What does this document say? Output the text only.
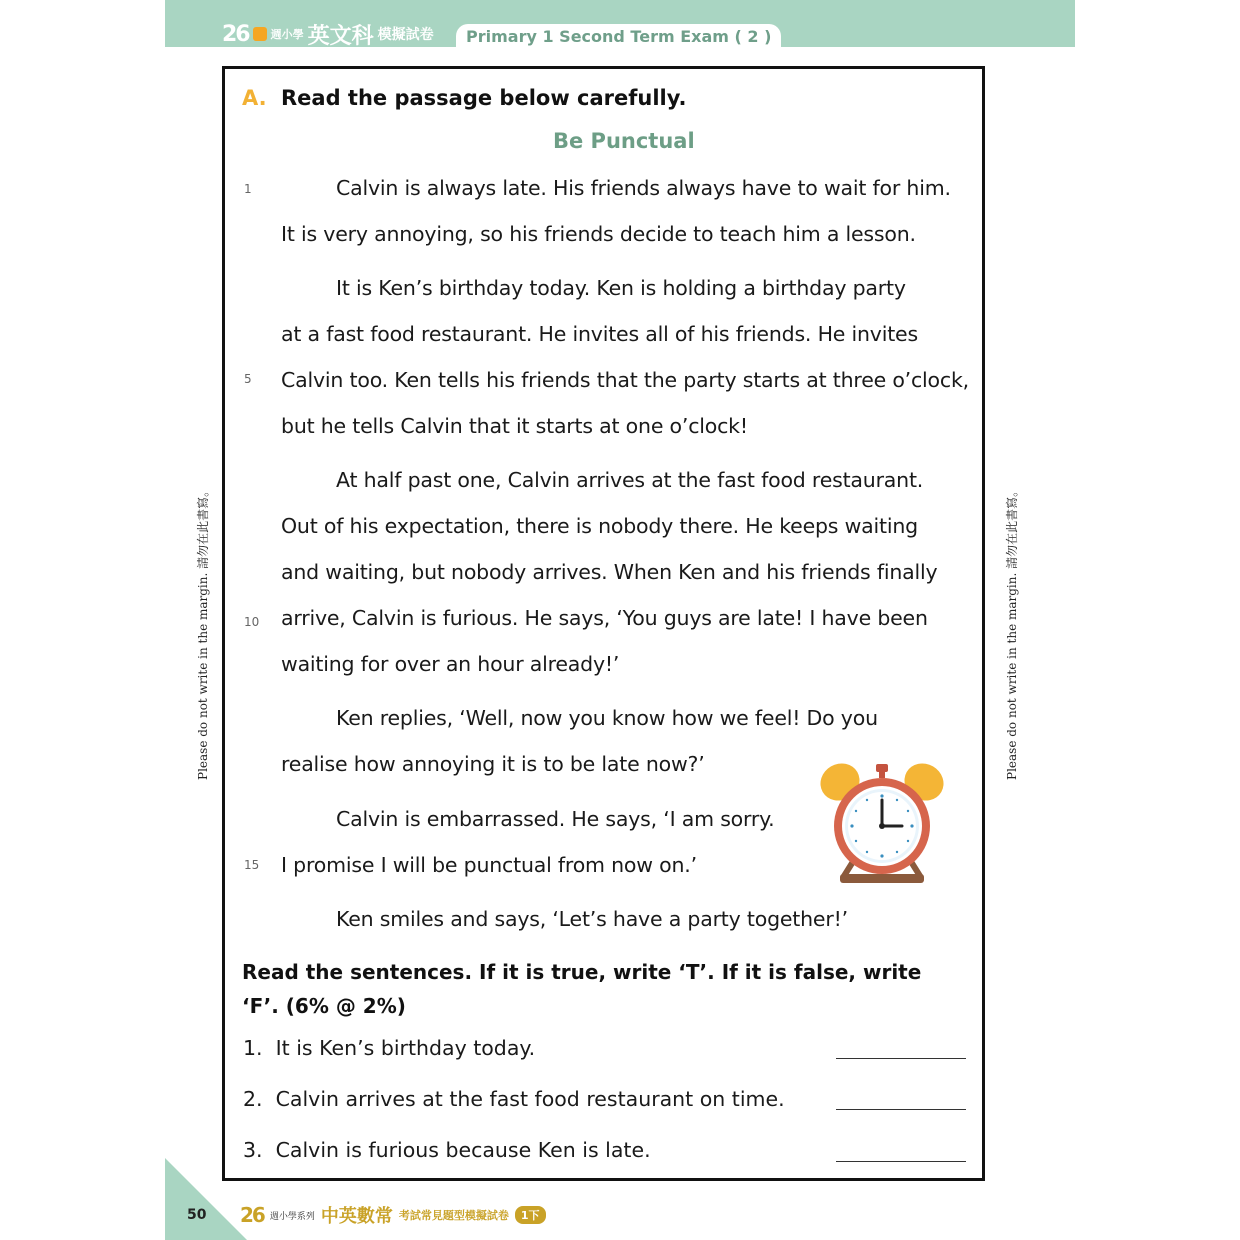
26 週小學 英文科 模擬試卷	Primary 1 Second Term Exam ( 2 )
A. Read the passage below carefully.
Be Punctual
1
5
10
15
Calvin is always late. His friends always have to wait for him.
It is very annoying, so his friends decide to teach him a lesson.
It is Ken’s birthday today. Ken is holding a birthday party
at a fast food restaurant. He invites all of his friends. He invites
Calvin too. Ken tells his friends that the party starts at three o’clock,
but he tells Calvin that it starts at one o’clock!
At half past one, Calvin arrives at the fast food restaurant.
Out of his expectation, there is nobody there. He keeps waiting
and waiting, but nobody arrives. When Ken and his friends finally
arrive, Calvin is furious. He says, ‘You guys are late! I have been
waiting for over an hour already!’
Ken replies, ‘Well, now you know how we feel! Do you
realise how annoying it is to be late now?’
Calvin is embarrassed. He says, ‘I am sorry.
I promise I will be punctual from now on.’
Ken smiles and says, ‘Let’s have a party together!’
Read the sentences. If it is true, write ‘T’. If it is false, write
‘F’. (6% @ 2%)
1. It is Ken’s birthday today.
2. Calvin arrives at the fast food restaurant on time.
3. Calvin is furious because Ken is late.
Please do not write in the margin. 請勿在此書寫。	Please do not write in the margin. 請勿在此書寫。
50 26 週小學系列 中英數常 考試常見題型模擬試卷	1下
